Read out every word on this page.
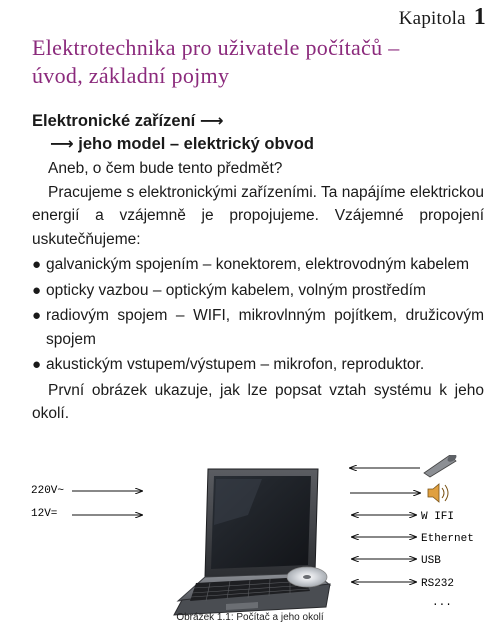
Kapitola 1
Elektrotechnika pro uživatele počítačů –
úvod, základní pojmy
Elektronické zařízení ⟶
⟶ jeho model – elektrický obvod

Aneb, o čem bude tento předmět?

Pracujeme s elektronickými zařízeními. Ta napájíme elektrickou energií a vzájemně je propojujeme. Vzájemné propojení uskutečňujeme:

● galvanickým spojením – konektorem, elektrovodným kabelem
● opticky vazbou – optickým kabelem, volným prostředím
● radiovým spojem – WIFI, mikrovlnným pojítkem, družicovým spojem
● akustickým vstupem/výstupem – mikrofon, reproduktor.

První obrázek ukazuje, jak lze popsat vztah systému k jeho okolí.

220V~
12V=	W IFI
Ethernet
USB
RS232
...
Obrázek 1.1: Počítač a jeho okolí
